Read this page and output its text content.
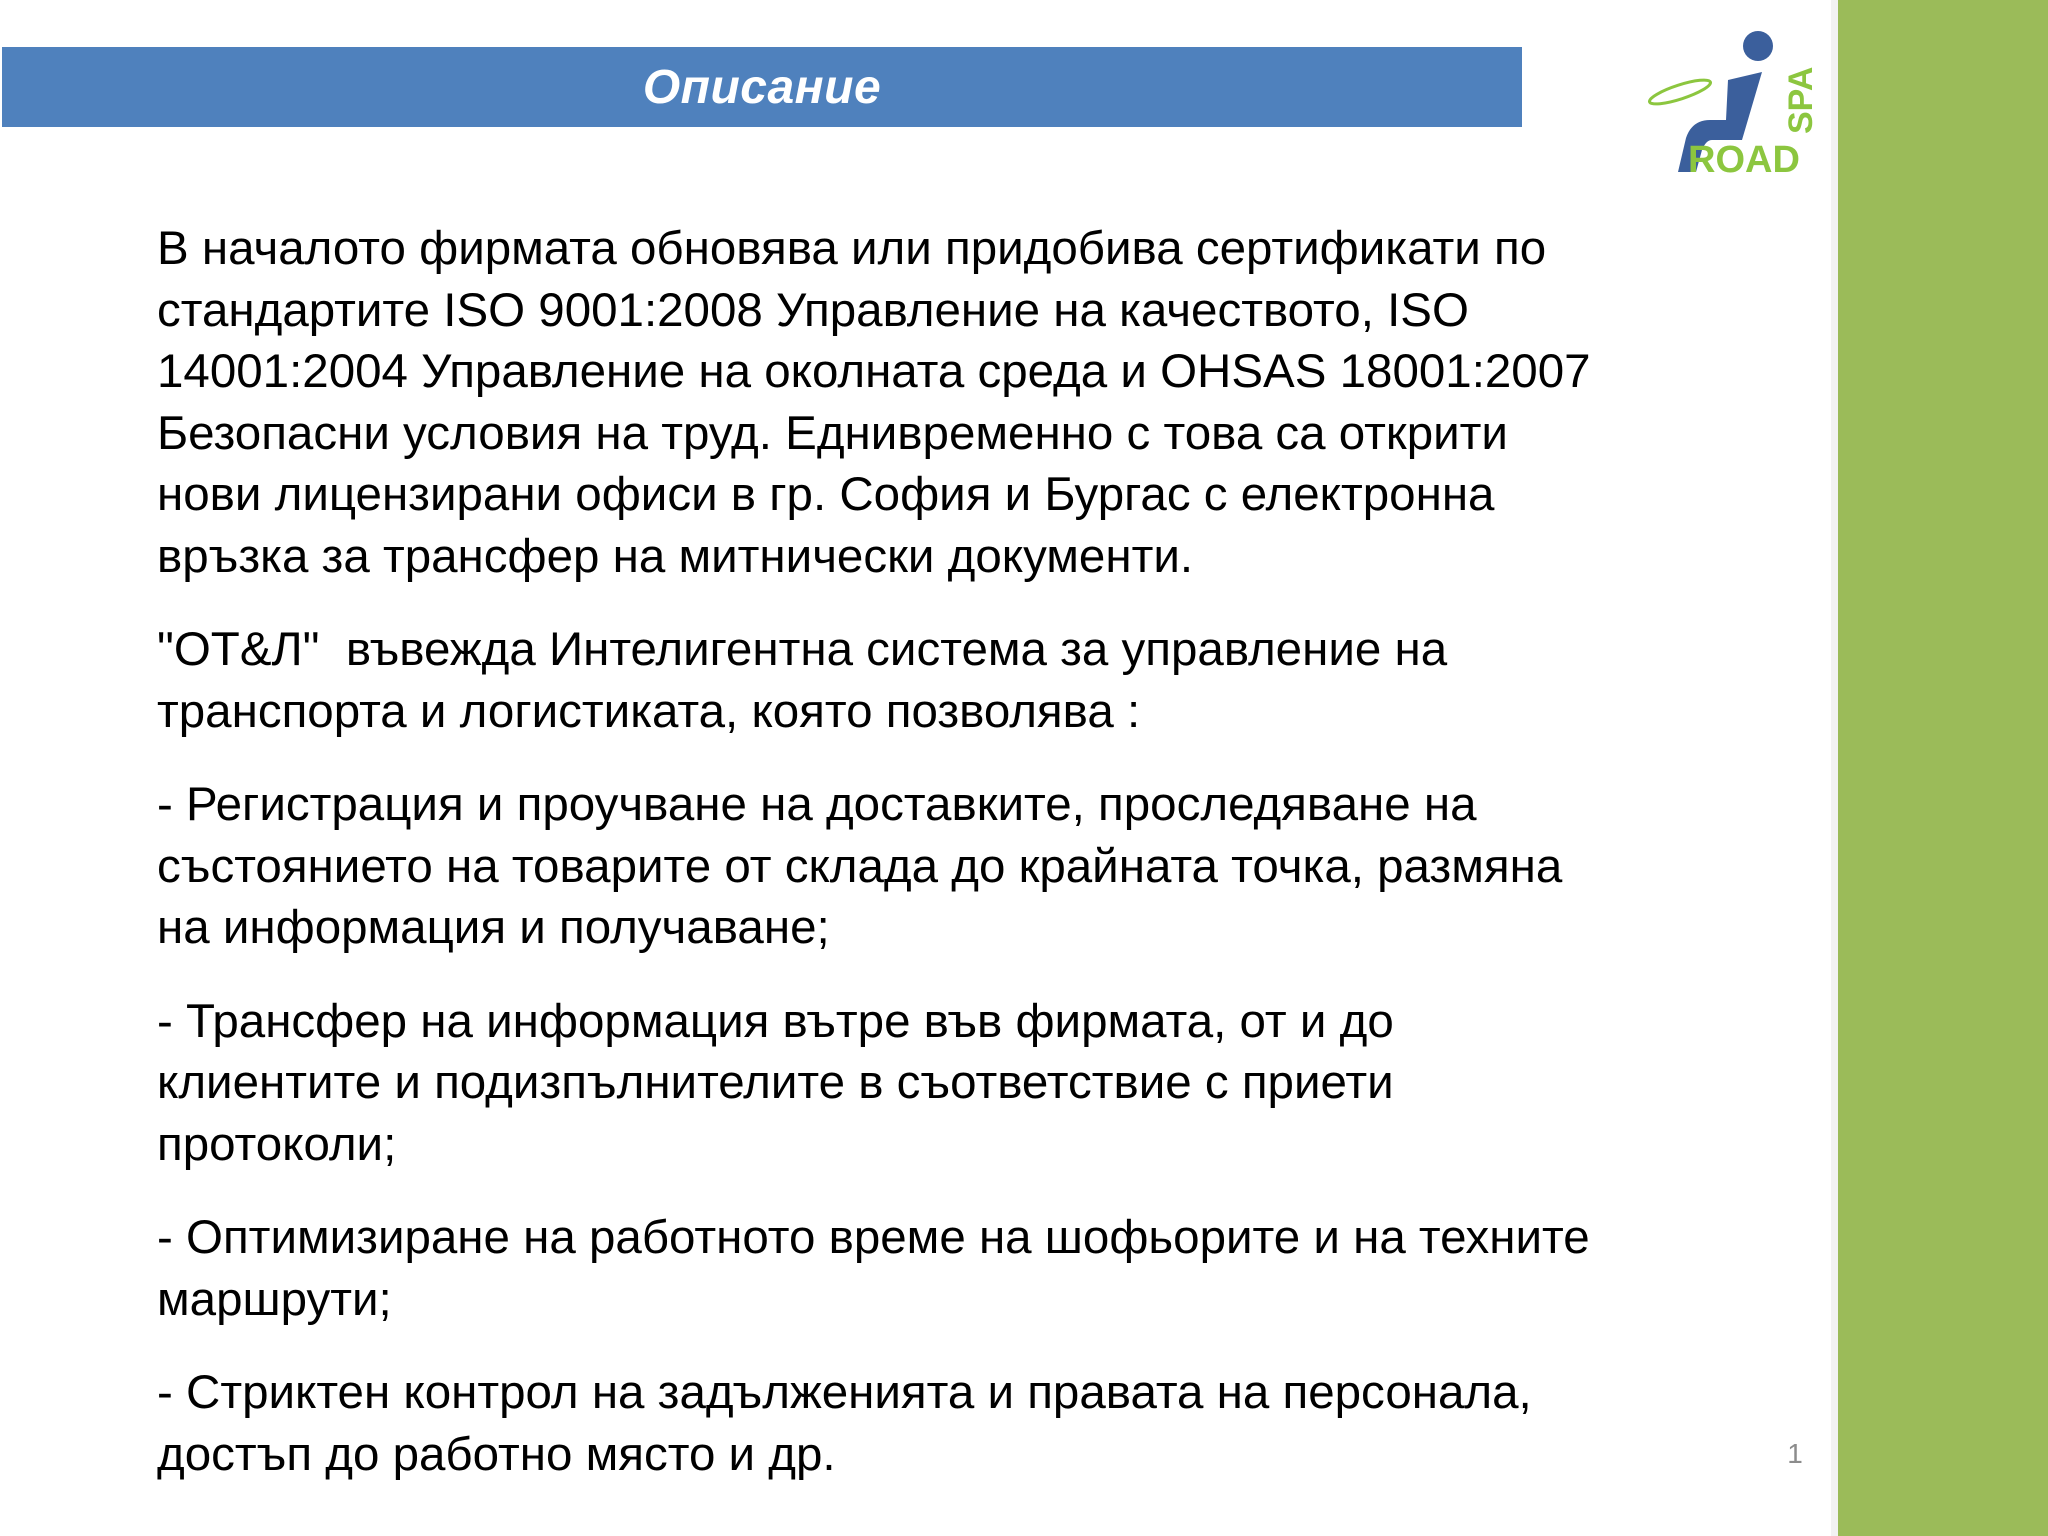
Описание
ROAD
SPA

В началото фирмата обновява или придобива сертификати по стандартите ISO 9001:2008 Управление на качеството, ISO 14001:2004 Управление на околната среда и OHSAS 18001:2007 Безопасни условия на труд. Еднивременно с това са открити нови лицензирани офиси в гр. София и Бургас с електронна връзка за трансфер на митнически документи.

"ОТ&Л"  въвежда Интелигентна система за управление на транспорта и логистиката, която позволява :

- Регистрация и проучване на доставките, проследяване на състоянието на товарите от склада до крайната точка, размяна на информация и получаване;

- Трансфер на информация вътре във фирмата, от и до клиентите и подизпълнителите в съответствие с приети протоколи;

- Оптимизиране на работното време на шофьорите и на техните маршрути;

- Стриктен контрол на задълженията и правата на персонала, достъп до работно място и др.	1
